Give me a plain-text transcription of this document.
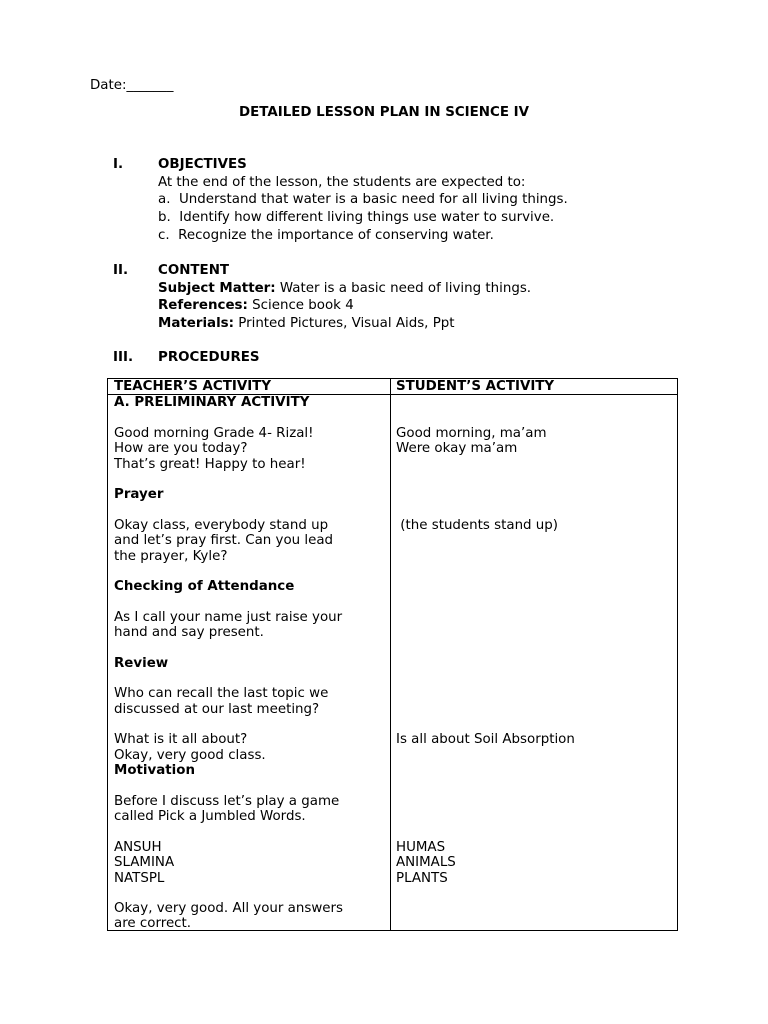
Date:_______
DETAILED LESSON PLAN IN SCIENCE IV
I.	OBJECTIVES
At the end of the lesson, the students are expected to:
a.  Understand that water is a basic need for all living things.
b.  Identify how different living things use water to survive.
c.  Recognize the importance of conserving water.
II. CONTENT
Subject Matter: Water is a basic need of living things.
References: Science book 4
Materials: Printed Pictures, Visual Aids, Ppt
III. PROCEDURES
TEACHER’S ACTIVITY	STUDENT’S ACTIVITY
A. PRELIMINARY ACTIVITY
Good morning Grade 4- Rizal!
How are you today?
That’s great! Happy to hear!
Prayer
Okay class, everybody stand up
and let’s pray first. Can you lead
the prayer, Kyle?
Checking of Attendance
As I call your name just raise your
hand and say present.
Review
Who can recall the last topic we
discussed at our last meeting?
What is it all about?
Okay, very good class.
Motivation
Before I discuss let’s play a game
called Pick a Jumbled Words.
ANSUH
SLAMINA
NATSPL
Okay, very good. All your answers
are correct.
Good morning, ma’am
Were okay ma’am
(the students stand up)
Is all about Soil Absorption
HUMAS
ANIMALS
PLANTS
